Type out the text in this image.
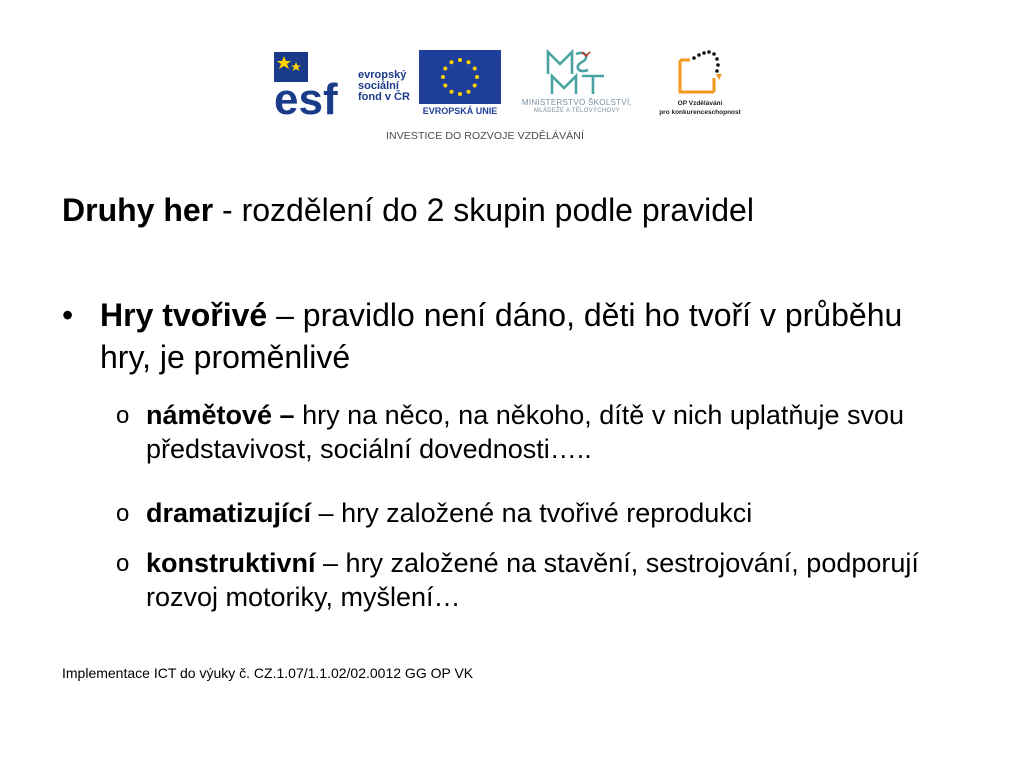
esf evropský
sociální
fond v ČR
EVROPSKÁ UNIE
MINISTERSTVO ŠKOLSTVÍ,
MLÁDEŽE A TĚLOVÝCHOVY
OP Vzdělávání
pro konkurenceschopnost
INVESTICE DO ROZVOJE VZDĚLÁVÁNÍ
Druhy her - rozdělení do 2 skupin podle pravidel
• Hry tvořivé – pravidlo není dáno, děti ho tvoří v průběhu hry, je proměnlivé
o námětové – hry na něco, na někoho, dítě v nich uplatňuje svou představivost, sociální dovednosti…..
o dramatizující – hry založené na tvořivé reprodukci
o konstruktivní – hry založené na stavění, sestrojování, podporují rozvoj motoriky, myšlení…
Implementace ICT do výuky č. CZ.1.07/1.1.02/02.0012 GG OP VK
